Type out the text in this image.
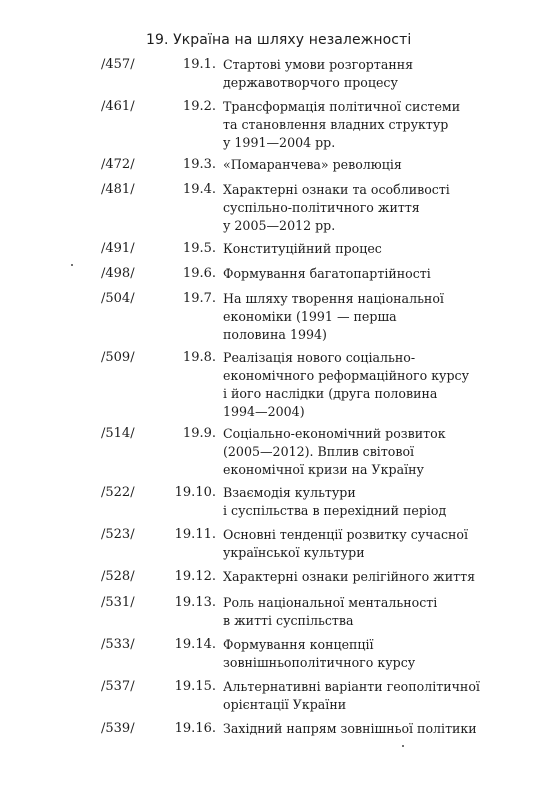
19. Україна на шляху незалежності
/457/	19.1. Стартові умови розгортання
державотворчого процесу
/461/	19.2. Трансформація політичної системи
та становлення владних структур
у 1991—2004 рр.
/472/	19.3. «Помаранчева» революція
/481/	19.4. Характерні ознаки та особливості
суспільно-політичного життя
у 2005—2012 рр.
/491/	19.5. Конституційний процес
/498/	19.6. Формування багатопартійності
/504/	19.7. На шляху творення національної
економіки (1991 — перша
половина 1994)
/509/	19.8. Реалізація нового соціально-
економічного реформаційного курсу
і його наслідки (друга половина
1994—2004)
/514/	19.9. Соціально-економічний розвиток
(2005—2012). Вплив світової
економічної кризи на Україну
/522/	19.10. Взаємодія культури
і суспільства в перехідний період
/523/	19.11. Основні тенденції розвитку сучасної
української культури
/528/	19.12. Характерні ознаки релігійного життя
/531/	19.13. Роль національної ментальності
в житті суспільства
/533/	19.14. Формування концепції
зовнішньополітичного курсу
/537/	19.15. Альтернативні варіанти геополітичної
орієнтації України
/539/	19.16. Західний напрям зовнішньої політики
